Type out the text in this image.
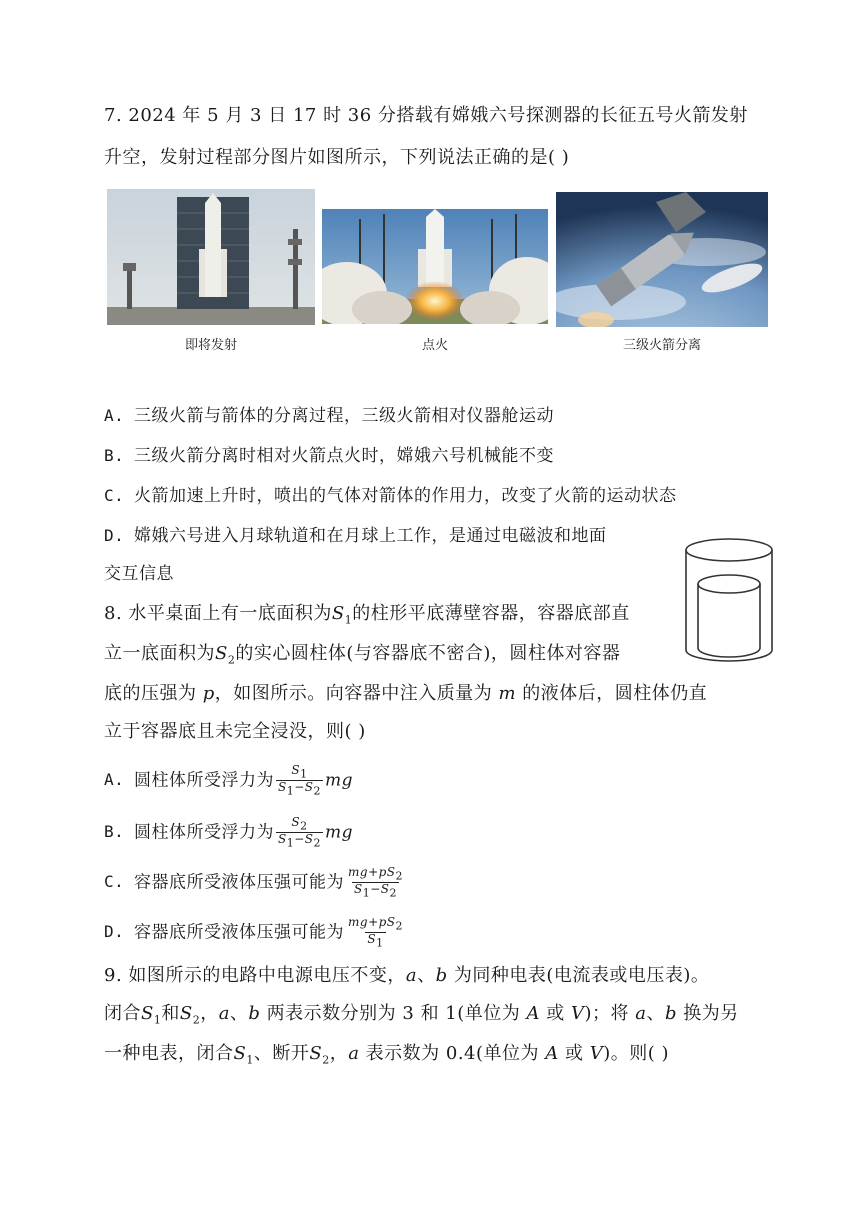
7. 2024 年 5 月 3 日 17 时 36 分搭载有嫦娥六号探测器的长征五号火箭发射
升空，发射过程部分图片如图所示，下列说法正确的是( )
即将发射	点火	三级火箭分离
A. 三级火箭与箭体的分离过程，三级火箭相对仪器舱运动
B. 三级火箭分离时相对火箭点火时，嫦娥六号机械能不变
C. 火箭加速上升时，喷出的气体对箭体的作用力，改变了火箭的运动状态
D. 嫦娥六号进入月球轨道和在月球上工作，是通过电磁波和地面
交互信息
8. 水平桌面上有一底面积为$S_1$的柱形平底薄壁容器，容器底部直
立一底面积为$S_2$的实心圆柱体(与容器底不密合)，圆柱体对容器
底的压强为 p，如图所示。向容器中注入质量为 m 的液体后，圆柱体仍直
立于容器底且未完全浸没，则( )
A. 圆柱体所受浮力为 $\frac{S_1}{S_1-S_2}$ mg
B. 圆柱体所受浮力为 $\frac{S_2}{S_1-S_2}$ mg
C. 容器底所受液体压强可能为 $\frac{mg+pS_2}{S_1-S_2}$
D. 容器底所受液体压强可能为 $\frac{mg+pS_2}{S_1}$
9. 如图所示的电路中电源电压不变，a、b 为同种电表(电流表或电压表)。
闭合$S_1$和$S_2$，a、b 两表示数分别为 3 和 1(单位为 A 或 V)；将 a、b 换为另
一种电表，闭合$S_1$、断开$S_2$，a 表示数为 0.4(单位为 A 或 V)。则( )
